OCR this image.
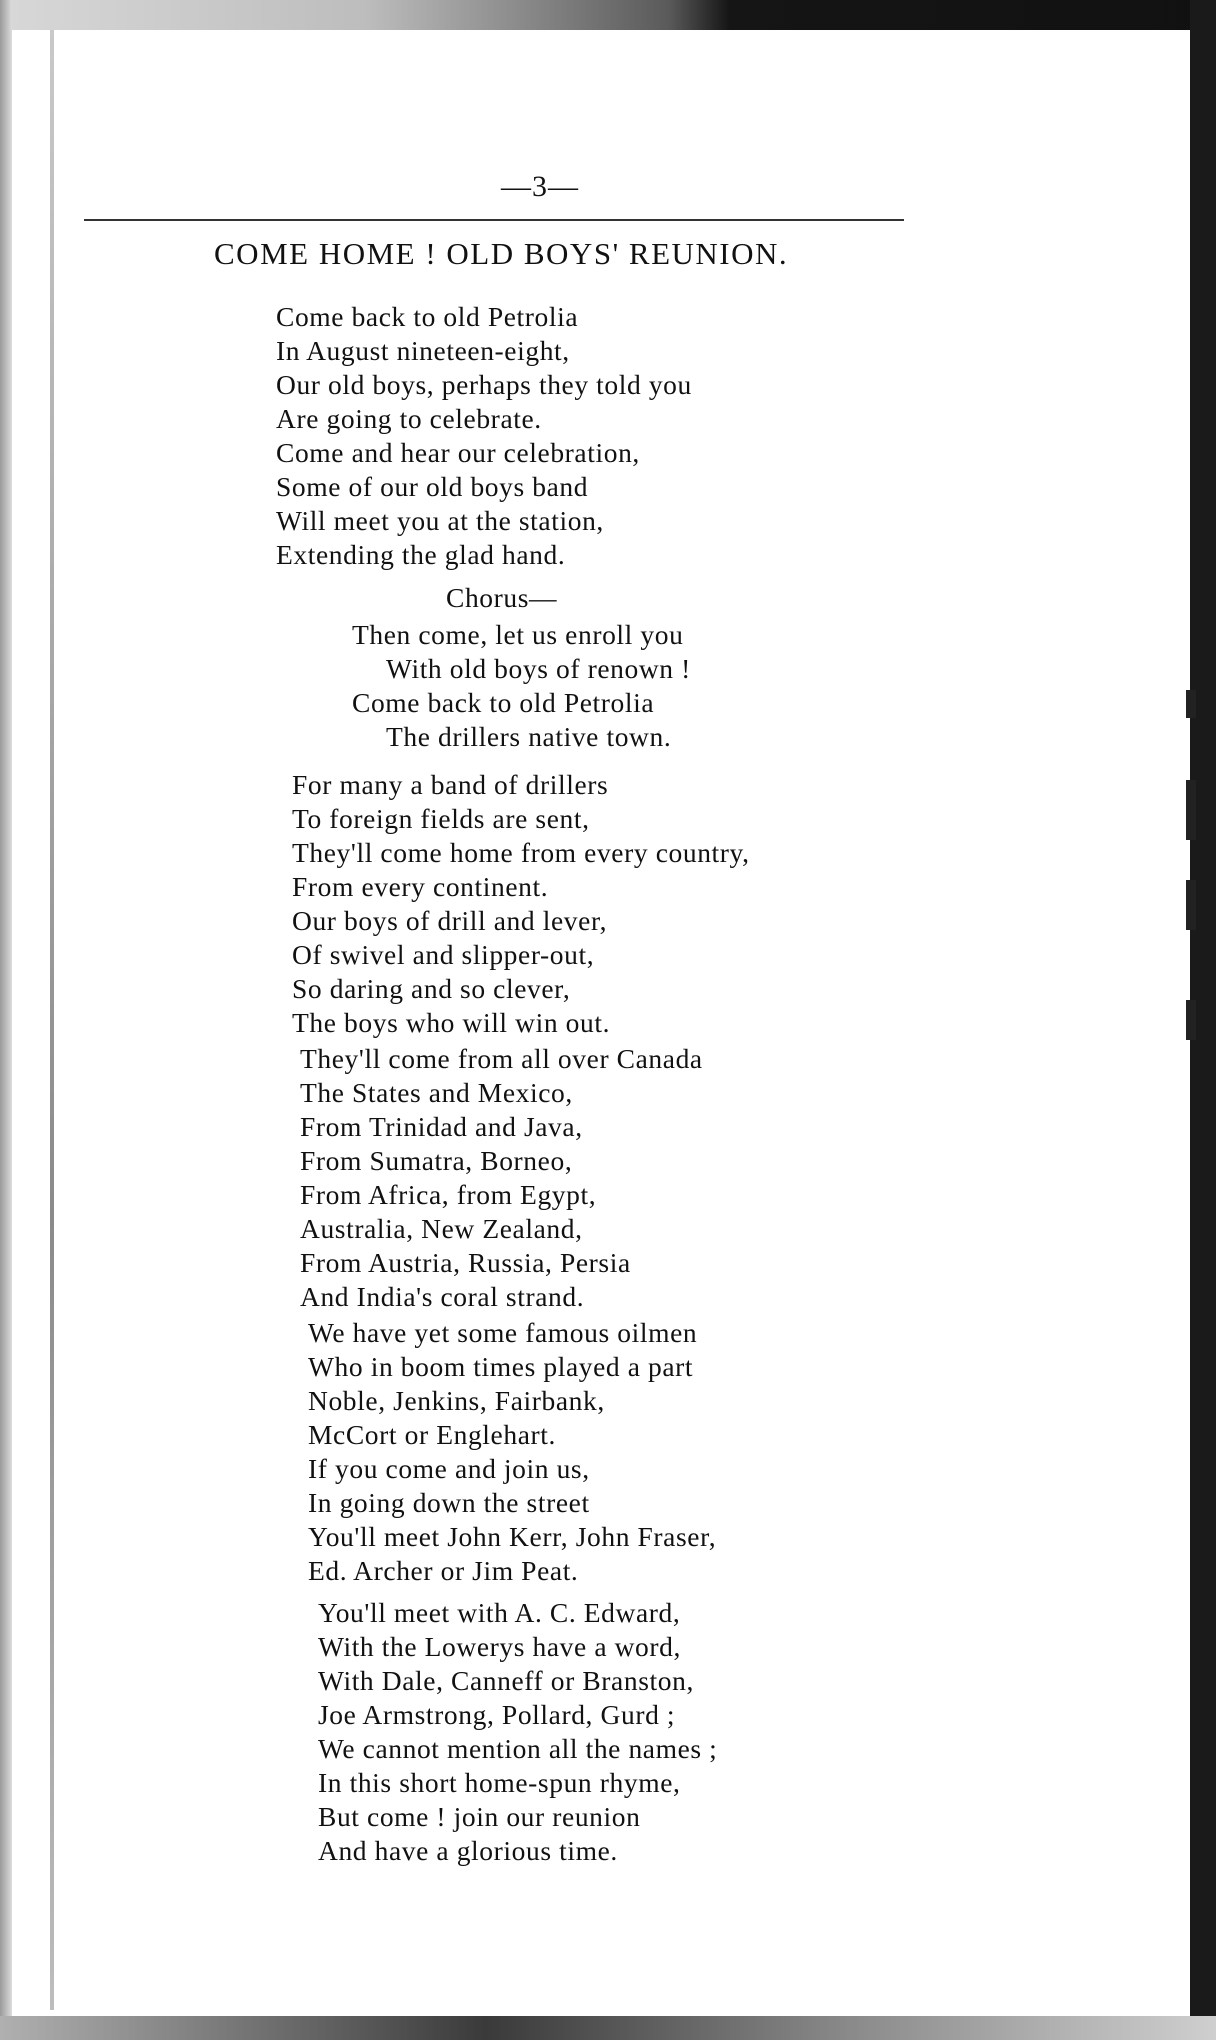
—3—
COME HOME ! OLD BOYS' REUNION.
Come back to old Petrolia
In August nineteen-eight,
Our old boys, perhaps they told you
Are going to celebrate.
Come and hear our celebration,
Some of our old boys band
Will meet you at the station,
Extending the glad hand.
Chorus—
Then come, let us enroll you
With old boys of renown !
Come back to old Petrolia
The drillers native town.
For many a band of drillers
To foreign fields are sent,
They'll come home from every country,
From every continent.
Our boys of drill and lever,
Of swivel and slipper-out,
So daring and so clever,
The boys who will win out.
They'll come from all over Canada
The States and Mexico,
From Trinidad and Java,
From Sumatra, Borneo,
From Africa, from Egypt,
Australia, New Zealand,
From Austria, Russia, Persia
And India's coral strand.
We have yet some famous oilmen
Who in boom times played a part
Noble, Jenkins, Fairbank,
McCort or Englehart.
If you come and join us,
In going down the street
You'll meet John Kerr, John Fraser,
Ed. Archer or Jim Peat.
You'll meet with A. C. Edward,
With the Lowerys have a word,
With Dale, Canneff or Branston,
Joe Armstrong, Pollard, Gurd ;
We cannot mention all the names ;
In this short home-spun rhyme,
But come ! join our reunion
And have a glorious time.
